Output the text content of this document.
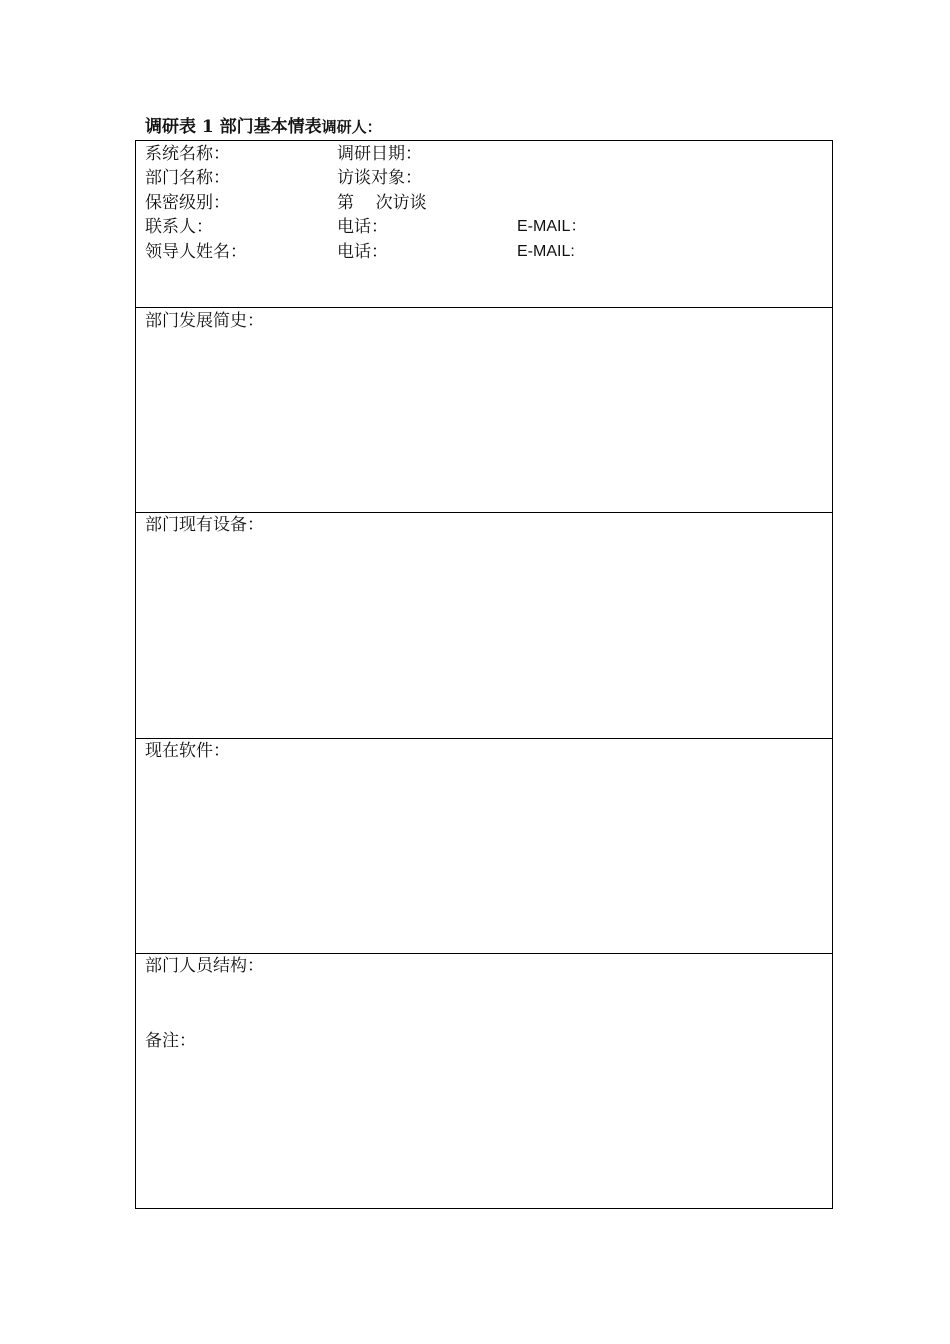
调研表 1 部门基本情表调研人：
系统名称：	调研日期：
部门名称：	访谈对象：
保密级别：	第    次访谈
联系人：	电话：	E-MAIL：
领导人姓名：	电话：	E-MAIL:
部门发展简史：
部门现有设备：
现在软件：
部门人员结构：
备注：
